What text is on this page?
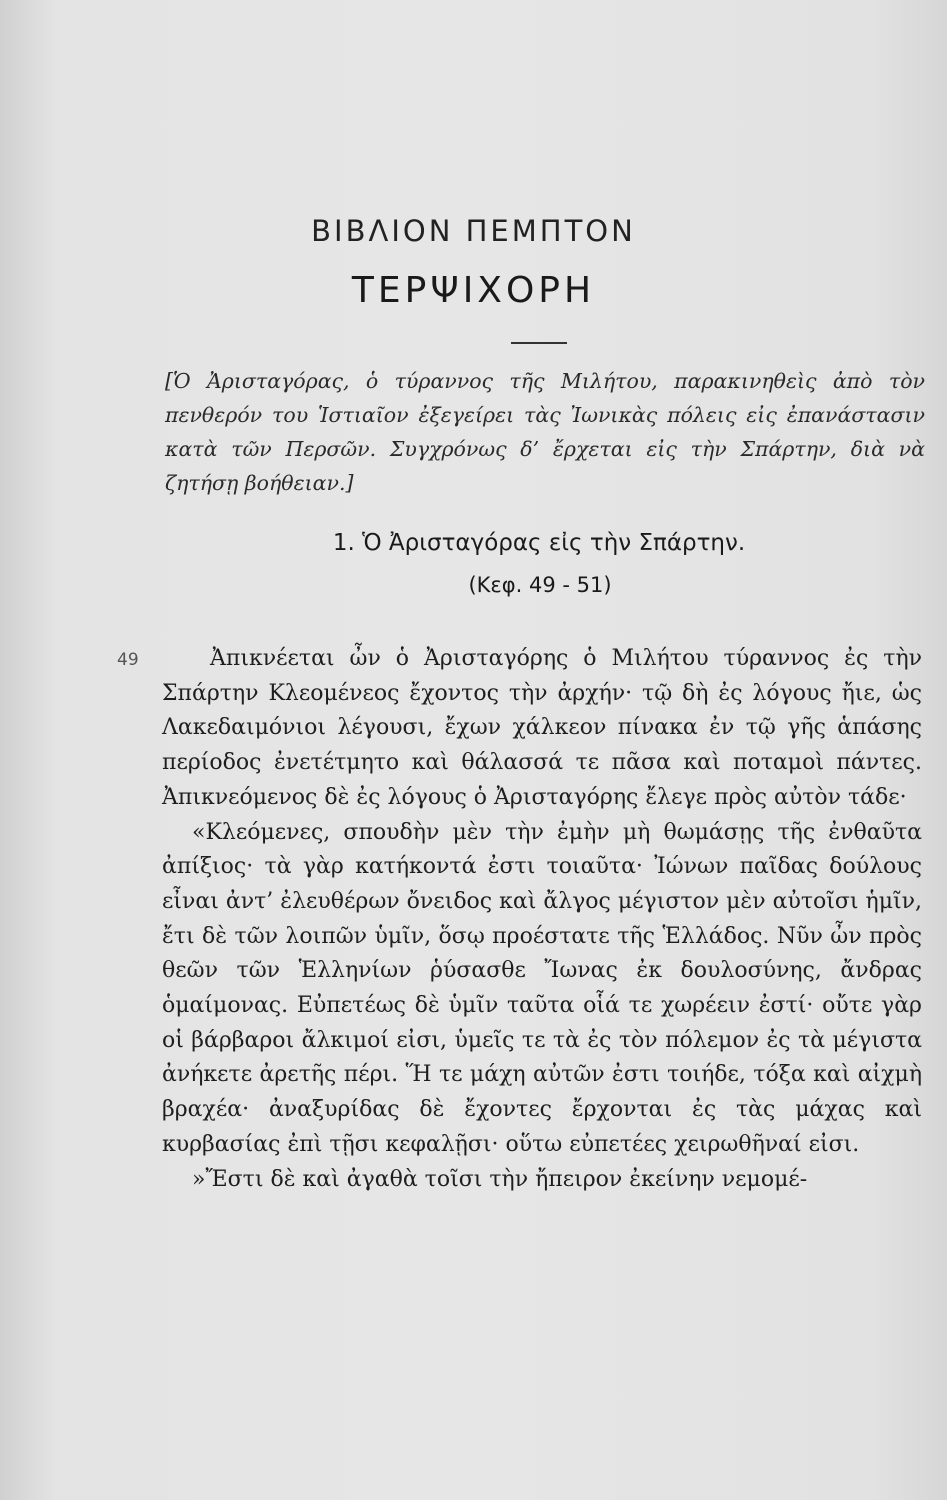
ΒΙΒΛΙΟΝ ΠΕΜΠΤΟΝ
ΤΕΡΨΙΧΟΡΗ
[Ὁ Ἀρισταγόρας, ὁ τύραννος τῆς Μιλήτου, παρακινηθεὶς ἀπὸ τὸν πενθερόν του Ἱστιαῖον ἐξεγείρει τὰς Ἰωνικὰς πόλεις εἰς ἐπανάστασιν κατὰ τῶν Περσῶν. Συγχρόνως δ’ ἔρχεται εἰς τὴν Σπάρτην, διὰ νὰ ζητήσῃ βοήθειαν.]
1. Ὁ Ἀρισταγόρας εἰς τὴν Σπάρτην.
(Κεφ. 49 - 51)
49	Ἀπικνέεται ὦν ὁ Ἀρισταγόρης ὁ Μιλήτου τύραννος ἐς τὴν Σπάρτην Κλεομένεος ἔχοντος τὴν ἀρχήν· τῷ δὴ ἐς λόγους ἤιε, ὡς Λακεδαιμόνιοι λέγουσι, ἔχων χάλκεον πίνακα ἐν τῷ γῆς ἁπάσης περίοδος ἐνετέτμητο καὶ θάλασσά τε πᾶσα καὶ ποταμοὶ πάντες. Ἀπικνεόμενος δὲ ἐς λόγους ὁ Ἀρισταγόρης ἔλεγε πρὸς αὐτὸν τάδε·

«Κλεόμενες, σπουδὴν μὲν τὴν ἐμὴν μὴ θωμάσῃς τῆς ἐνθαῦτα ἀπίξιος· τὰ γὰρ κατήκοντά ἐστι τοιαῦτα· Ἰώνων παῖδας δούλους εἶναι ἀντ’ ἐλευθέρων ὄνειδος καὶ ἄλγος μέγιστον μὲν αὐτοῖσι ἡμῖν, ἔτι δὲ τῶν λοιπῶν ὑμῖν, ὅσῳ προέστατε τῆς Ἑλλάδος. Νῦν ὦν πρὸς θεῶν τῶν Ἑλληνίων ῥύσασθε Ἴωνας ἐκ δουλοσύνης, ἄνδρας ὁμαίμονας. Εὐπετέως δὲ ὑμῖν ταῦτα οἷά τε χωρέειν ἐστί· οὔτε γὰρ οἱ βάρβαροι ἄλκιμοί εἰσι, ὑμεῖς τε τὰ ἐς τὸν πόλεμον ἐς τὰ μέγιστα ἀνήκετε ἀρετῆς πέρι. Ἥ τε μάχη αὐτῶν ἐστι τοιήδε, τόξα καὶ αἰχμὴ βραχέα· ἀναξυρίδας δὲ ἔχοντες ἔρχονται ἐς τὰς μάχας καὶ κυρβασίας ἐπὶ τῇσι κεφαλῇσι· οὕτω εὐπετέες χειρωθῆναί εἰσι.

»Ἔστι δὲ καὶ ἀγαθὰ τοῖσι τὴν ἤπειρον ἐκείνην νεμομέ-
